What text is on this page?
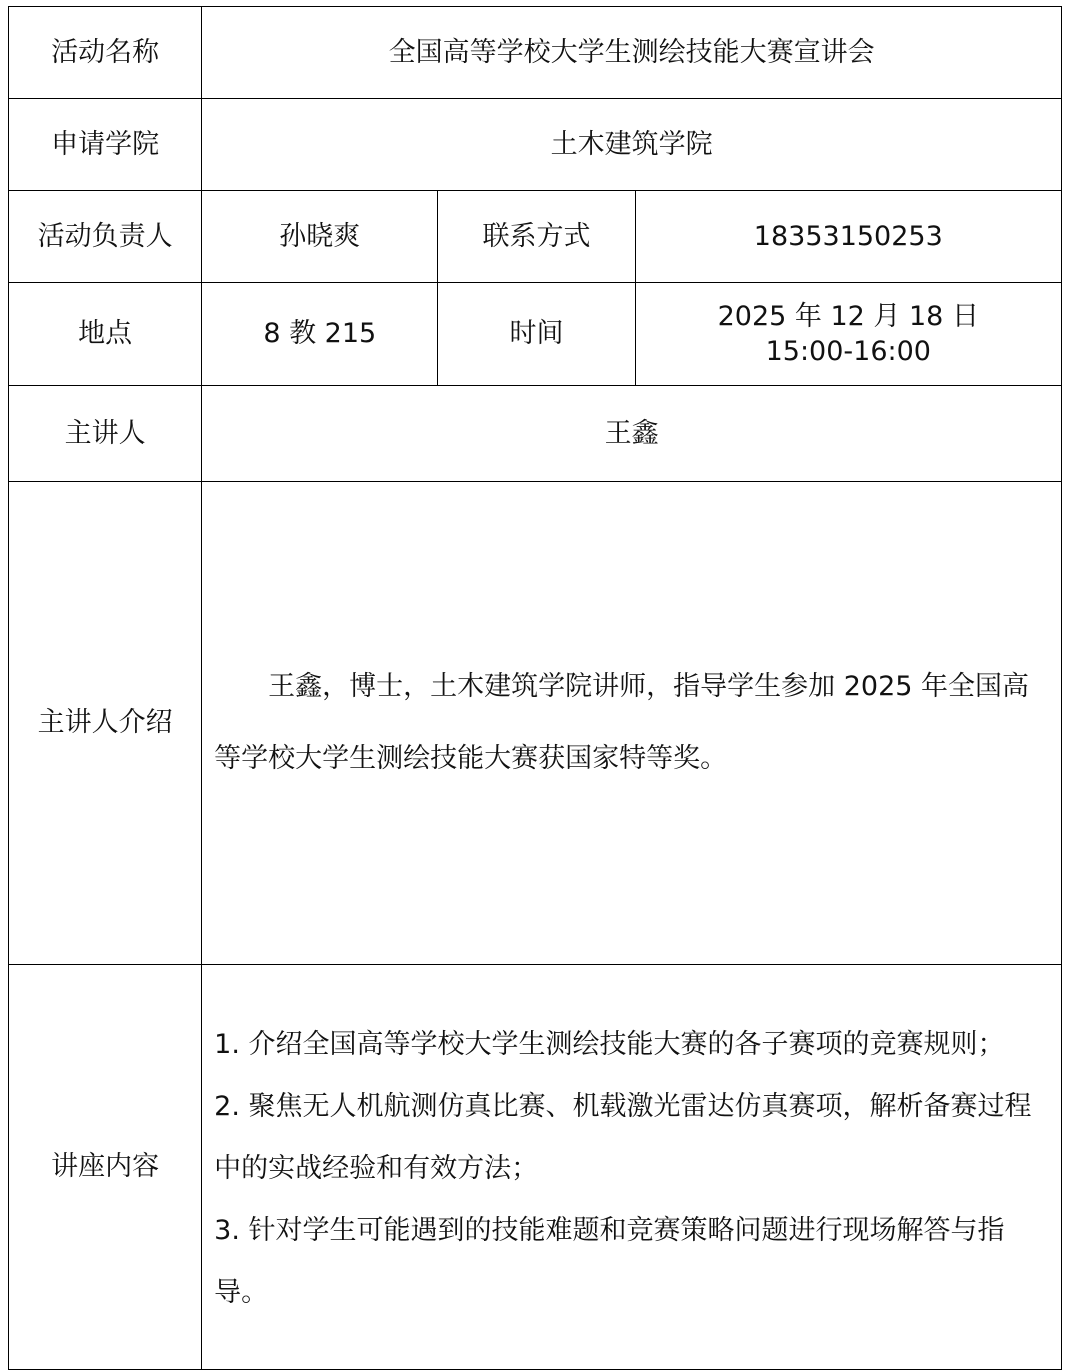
活动名称	全国高等学校大学生测绘技能大赛宣讲会		
申请学院	土木建筑学院		
活动负责人	孙晓爽	联系方式	18353150253
地点	8 教 215	时间	2025 年 12 月 18 日
15:00-16:00

主讲人	王鑫		
主讲人介绍	王鑫，博士，土木建筑学院讲师，指导学生参加 2025 年全国高等学校大学生测绘技能大赛获国家特等奖。		

讲座内容	1. 介绍全国高等学校大学生测绘技能大赛的各子赛项的竞赛规则；

2. 聚焦无人机航测仿真比赛、机载激光雷达仿真赛项，解析备赛过程中的实战经验和有效方法；

3. 针对学生可能遇到的技能难题和竞赛策略问题进行现场解答与指导。		
